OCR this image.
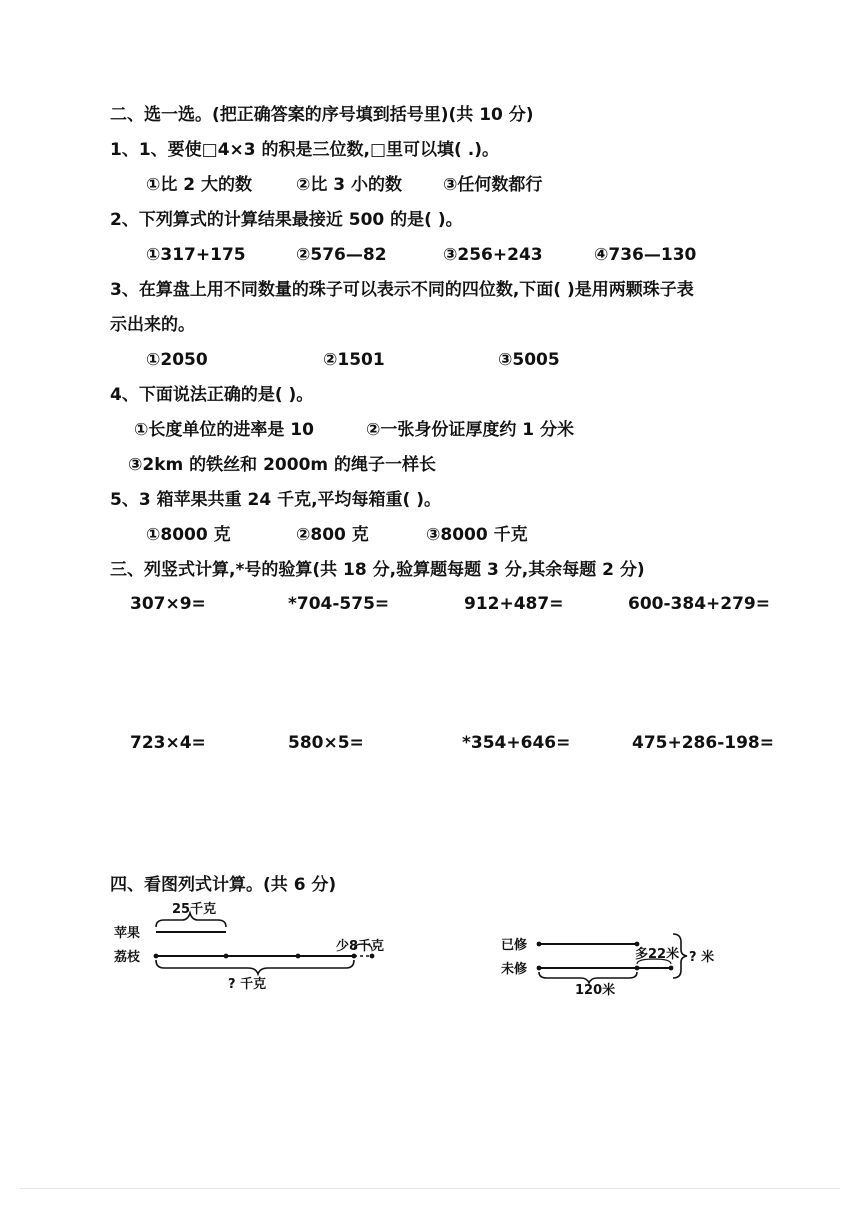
二、选一选。(把正确答案的序号填到括号里)(共 10 分)
1、1、要使□4×3 的积是三位数,□里可以填( .)。
①比 2 大的数	②比 3 小的数 ③任何数都行
2、下列算式的计算结果最接近 500 的是( )。
①317+175	②576—82	③256+243	④736—130
3、在算盘上用不同数量的珠子可以表示不同的四位数,下面( )是用两颗珠子表
示出来的。
①2050	②1501	③5005
4、下面说法正确的是( )。
①长度单位的进率是 10	②一张身份证厚度约 1 分米
③2km 的铁丝和 2000m 的绳子一样长
5、3 箱苹果共重 24 千克,平均每箱重( )。
①8000 克	②800 克	③8000 千克
三、列竖式计算,*号的验算(共 18 分,验算题每题 3 分,其余每题 2 分)
307×9=	*704-575=	912+487=	600-384+279=
723×4=	580×5=	*354+646=	475+286-198=
四、看图列式计算。(共 6 分)
25千克
苹果
荔枝
少8千克
? 千克
已修
未修
多22米 ? 米
120米
